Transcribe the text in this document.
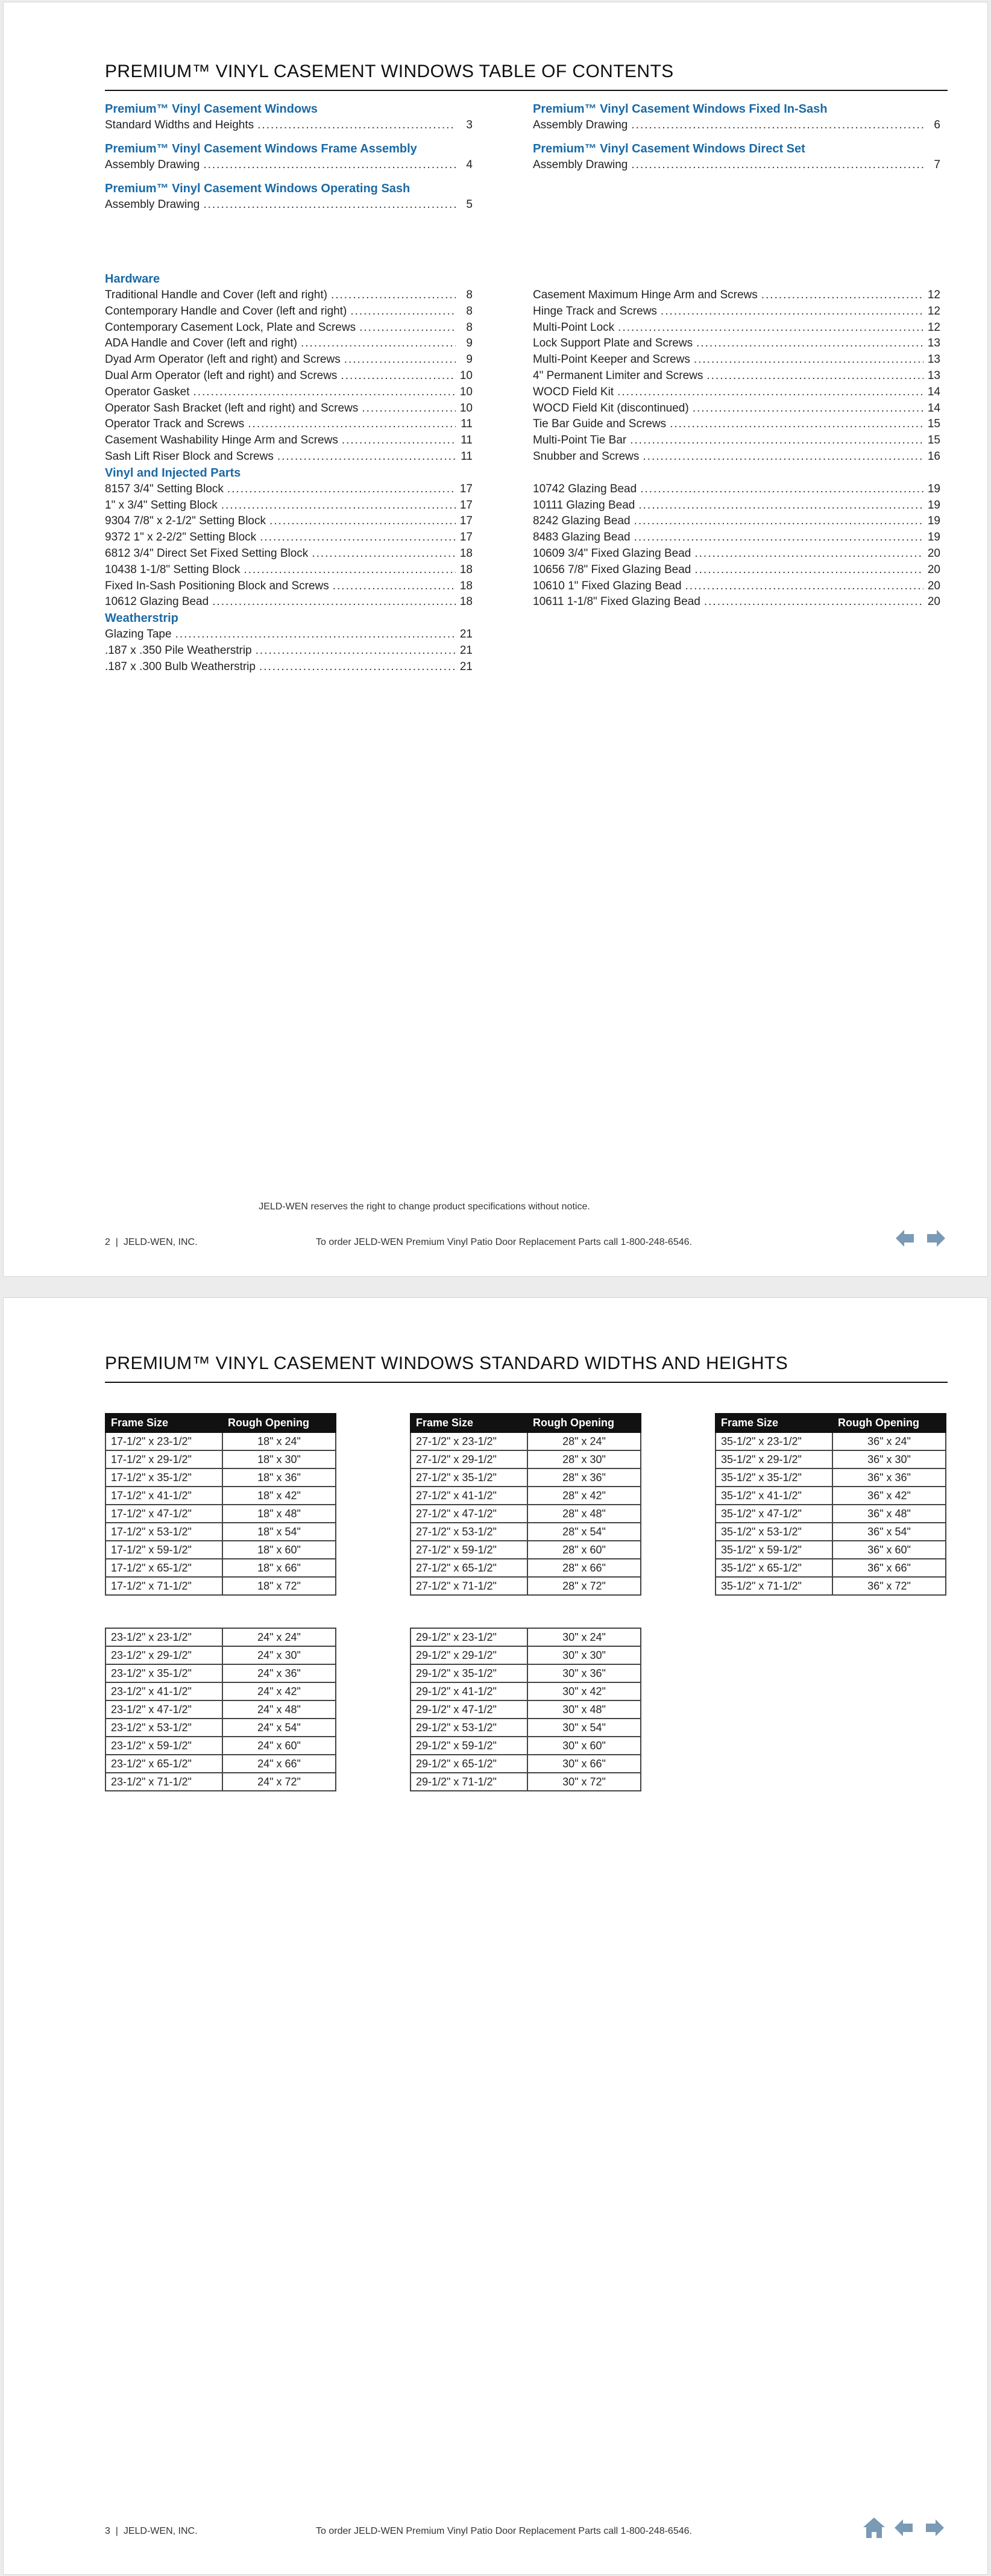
PREMIUM™ VINYL CASEMENT WINDOWS TABLE OF CONTENTS
Premium™ Vinyl Casement Windows
Standard Widths and Heights .....	3
Premium™ Vinyl Casement Windows Frame Assembly
Assembly Drawing .....	4
Premium™ Vinyl Casement Windows Operating Sash
Assembly Drawing .....	5
Premium™ Vinyl Casement Windows Fixed In-Sash
Assembly Drawing .....	6
Premium™ Vinyl Casement Windows Direct Set
Assembly Drawing .....	7
Hardware
Traditional Handle and Cover (left and right) .....	8
Contemporary Handle and Cover (left and right) .....	8
Contemporary Casement Lock, Plate and Screws .....	8
ADA Handle and Cover (left and right) .....	9
Dyad Arm Operator (left and right) and Screws .....	9
Dual Arm Operator (left and right) and Screws .....	10
Operator Gasket .....	10
Operator Sash Bracket (left and right) and Screws .....	10
Operator Track and Screws .....	11
Casement Washability Hinge Arm and Screws .....	11
Sash Lift Riser Block and Screws .....	11
Vinyl and Injected Parts
8157 3/4" Setting Block .....	17
1" x 3/4" Setting Block .....	17
9304 7/8" x 2-1/2" Setting Block .....	17
9372 1" x 2-2/2" Setting Block .....	17
6812 3/4" Direct Set Fixed Setting Block .....	18
10438 1-1/8" Setting Block .....	18
Fixed In-Sash Positioning Block and Screws .....	18
10612 Glazing Bead .....	18
Weatherstrip
Glazing Tape .....	21
.187 x .350 Pile Weatherstrip .....	21
.187 x .300 Bulb Weatherstrip .....	21
Casement Maximum Hinge Arm and Screws .....	12
Hinge Track and Screws .....	12
Multi-Point Lock .....	12
Lock Support Plate and Screws .....	13
Multi-Point Keeper and Screws .....	13
4" Permanent Limiter and Screws .....	13
WOCD Field Kit .....	14
WOCD Field Kit (discontinued) .....	14
Tie Bar Guide and Screws .....	15
Multi-Point Tie Bar .....	15
Snubber and Screws .....	16
10742 Glazing Bead .....	19
10111 Glazing Bead .....	19
8242 Glazing Bead .....	19
8483 Glazing Bead .....	19
10609 3/4" Fixed Glazing Bead .....	20
10656 7/8" Fixed Glazing Bead .....	20
10610 1" Fixed Glazing Bead .....	20
10611 1-1/8" Fixed Glazing Bead .....	20
JELD-WEN reserves the right to change product specifications without notice.
2  |  JELD-WEN, INC.	To order JELD-WEN Premium Vinyl Patio Door Replacement Parts call 1-800-248-6546.
PREMIUM™ VINYL CASEMENT WINDOWS STANDARD WIDTHS AND HEIGHTS
Frame Size	Rough Opening
17-1/2" x 23-1/2"	18" x 24"
17-1/2" x 29-1/2"	18" x 30"
17-1/2" x 35-1/2"	18" x 36"
17-1/2" x 41-1/2"	18" x 42"
17-1/2" x 47-1/2"	18" x 48"
17-1/2" x 53-1/2"	18" x 54"
17-1/2" x 59-1/2"	18" x 60"
17-1/2" x 65-1/2"	18" x 66"
17-1/2" x 71-1/2"	18" x 72"
Frame Size	Rough Opening
27-1/2" x 23-1/2"	28" x 24"
27-1/2" x 29-1/2"	28" x 30"
27-1/2" x 35-1/2"	28" x 36"
27-1/2" x 41-1/2"	28" x 42"
27-1/2" x 47-1/2"	28" x 48"
27-1/2" x 53-1/2"	28" x 54"
27-1/2" x 59-1/2"	28" x 60"
27-1/2" x 65-1/2"	28" x 66"
27-1/2" x 71-1/2"	28" x 72"
Frame Size	Rough Opening
35-1/2" x 23-1/2"	36" x 24"
35-1/2" x 29-1/2"	36" x 30"
35-1/2" x 35-1/2"	36" x 36"
35-1/2" x 41-1/2"	36" x 42"
35-1/2" x 47-1/2"	36" x 48"
35-1/2" x 53-1/2"	36" x 54"
35-1/2" x 59-1/2"	36" x 60"
35-1/2" x 65-1/2"	36" x 66"
35-1/2" x 71-1/2"	36" x 72"
23-1/2" x 23-1/2"	24" x 24"
23-1/2" x 29-1/2"	24" x 30"
23-1/2" x 35-1/2"	24" x 36"
23-1/2" x 41-1/2"	24" x 42"
23-1/2" x 47-1/2"	24" x 48"
23-1/2" x 53-1/2"	24" x 54"
23-1/2" x 59-1/2"	24" x 60"
23-1/2" x 65-1/2"	24" x 66"
23-1/2" x 71-1/2"	24" x 72"
29-1/2" x 23-1/2"	30" x 24"
29-1/2" x 29-1/2"	30" x 30"
29-1/2" x 35-1/2"	30" x 36"
29-1/2" x 41-1/2"	30" x 42"
29-1/2" x 47-1/2"	30" x 48"
29-1/2" x 53-1/2"	30" x 54"
29-1/2" x 59-1/2"	30" x 60"
29-1/2" x 65-1/2"	30" x 66"
29-1/2" x 71-1/2"	30" x 72"
3  |  JELD-WEN, INC.	To order JELD-WEN Premium Vinyl Patio Door Replacement Parts call 1-800-248-6546.
